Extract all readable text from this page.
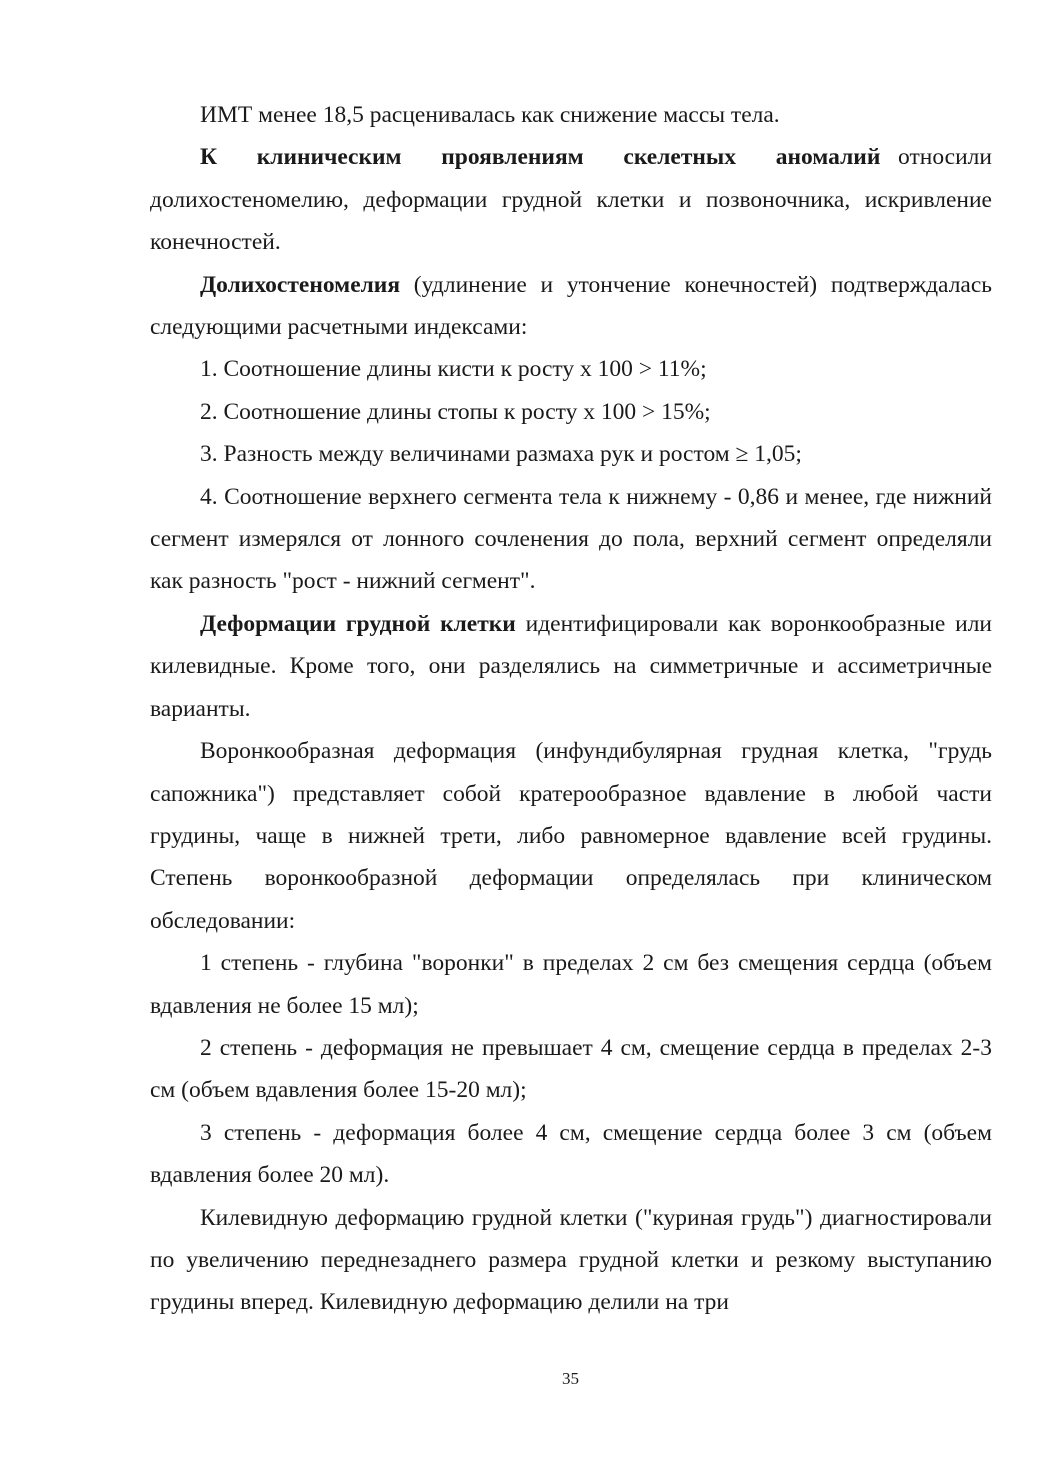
ИМТ менее 18,5 расценивалась как снижение массы тела.

К клиническим проявлениям скелетных аномалий относили долихостеномелию, деформации грудной клетки и позвоночника, искривление конечностей.

Долихостеномелия (удлинение и утончение конечностей) подтверждалась следующими расчетными индексами:

1. Соотношение длины кисти к росту х 100 > 11%;

2. Соотношение длины стопы к росту х 100 > 15%;

3. Разность между величинами размаха рук и ростом ≥ 1,05;

4. Соотношение верхнего сегмента тела к нижнему - 0,86 и менее, где нижний сегмент измерялся от лонного сочленения до пола, верхний сегмент определяли как разность "рост - нижний сегмент".

Деформации грудной клетки идентифицировали как воронкообразные или килевидные. Кроме того, они разделялись на симметричные и ассиметричные варианты.

Воронкообразная деформация (инфундибулярная грудная клетка, "грудь сапожника") представляет собой кратерообразное вдавление в любой части грудины, чаще в нижней трети, либо равномерное вдавление всей грудины. Степень воронкообразной деформации определялась при клиническом обследовании:

1 степень - глубина "воронки" в пределах 2 см без смещения сердца (объем вдавления не более 15 мл);

2 степень - деформация не превышает 4 см, смещение сердца в пределах 2-3 см (объем вдавления более 15-20 мл);

3 степень - деформация более 4 см, смещение сердца более 3 см (объем вдавления более 20 мл).

Килевидную деформацию грудной клетки ("куриная грудь") диагностировали по увеличению переднезаднего размера грудной клетки и резкому выступанию грудины вперед. Килевидную деформацию делили на три

35
